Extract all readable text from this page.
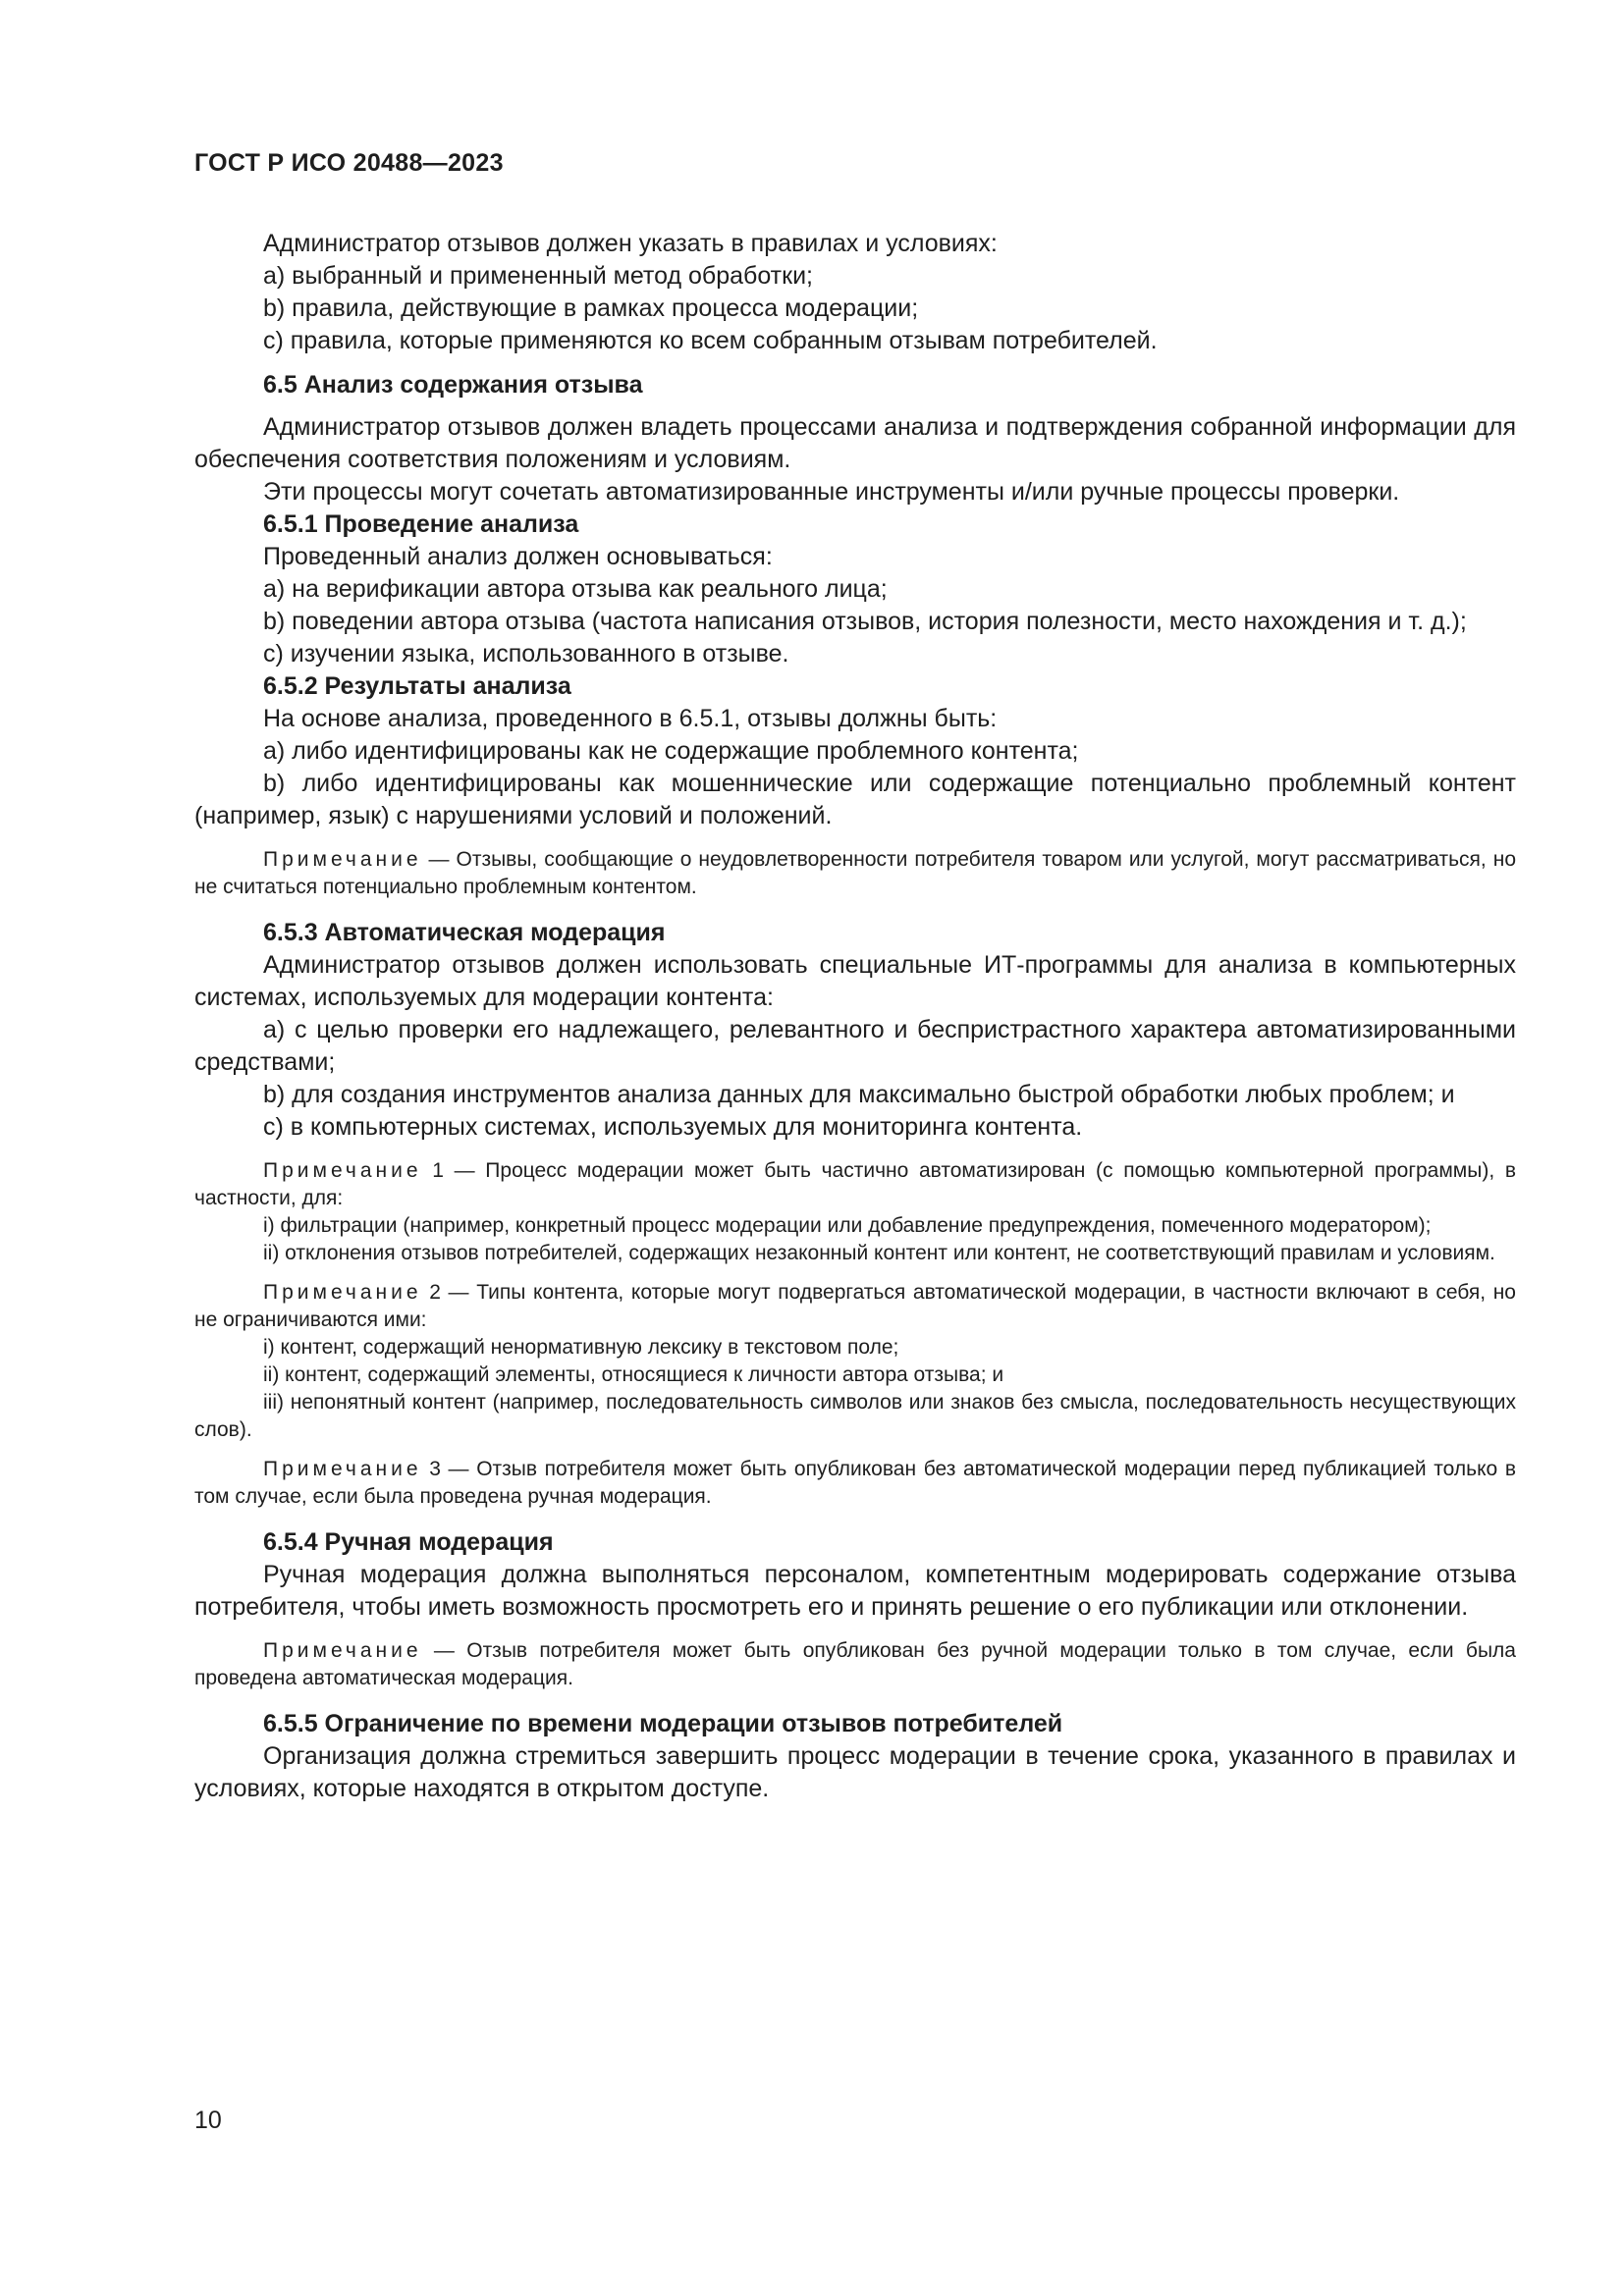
ГОСТ Р ИСО 20488—2023

Администратор отзывов должен указать в правилах и условиях:

a) выбранный и примененный метод обработки;

b) правила, действующие в рамках процесса модерации;

c) правила, которые применяются ко всем собранным отзывам потребителей.

6.5 Анализ содержания отзыва

Администратор отзывов должен владеть процессами анализа и подтверждения собранной информации для обеспечения соответствия положениям и условиям.

Эти процессы могут сочетать автоматизированные инструменты и/или ручные процессы проверки.

6.5.1 Проведение анализа

Проведенный анализ должен основываться:

a) на верификации автора отзыва как реального лица;

b) поведении автора отзыва (частота написания отзывов, история полезности, место нахождения и т. д.);

c) изучении языка, использованного в отзыве.

6.5.2 Результаты анализа

На основе анализа, проведенного в 6.5.1, отзывы должны быть:

a) либо идентифицированы как не содержащие проблемного контента;

b) либо идентифицированы как мошеннические или содержащие потенциально проблемный контент (например, язык) с нарушениями условий и положений.

Примечание — Отзывы, сообщающие о неудовлетворенности потребителя товаром или услугой, могут рассматриваться, но не считаться потенциально проблемным контентом.

6.5.3 Автоматическая модерация

Администратор отзывов должен использовать специальные ИТ-программы для анализа в компьютерных системах, используемых для модерации контента:

a) с целью проверки его надлежащего, релевантного и беспристрастного характера автоматизированными средствами;

b) для создания инструментов анализа данных для максимально быстрой обработки любых проблем; и

c) в компьютерных системах, используемых для мониторинга контента.

Примечание 1 — Процесс модерации может быть частично автоматизирован (с помощью компьютерной программы), в частности, для:

i) фильтрации (например, конкретный процесс модерации или добавление предупреждения, помеченного модератором);

ii) отклонения отзывов потребителей, содержащих незаконный контент или контент, не соответствующий правилам и условиям.

Примечание 2 — Типы контента, которые могут подвергаться автоматической модерации, в частности включают в себя, но не ограничиваются ими:

i) контент, содержащий ненормативную лексику в текстовом поле;

ii) контент, содержащий элементы, относящиеся к личности автора отзыва; и

iii) непонятный контент (например, последовательность символов или знаков без смысла, последовательность несуществующих слов).

Примечание 3 — Отзыв потребителя может быть опубликован без автоматической модерации перед публикацией только в том случае, если была проведена ручная модерация.

6.5.4 Ручная модерация

Ручная модерация должна выполняться персоналом, компетентным модерировать содержание отзыва потребителя, чтобы иметь возможность просмотреть его и принять решение о его публикации или отклонении.

Примечание — Отзыв потребителя может быть опубликован без ручной модерации только в том случае, если была проведена автоматическая модерация.

6.5.5 Ограничение по времени модерации отзывов потребителей

Организация должна стремиться завершить процесс модерации в течение срока, указанного в правилах и условиях, которые находятся в открытом доступе.

10
